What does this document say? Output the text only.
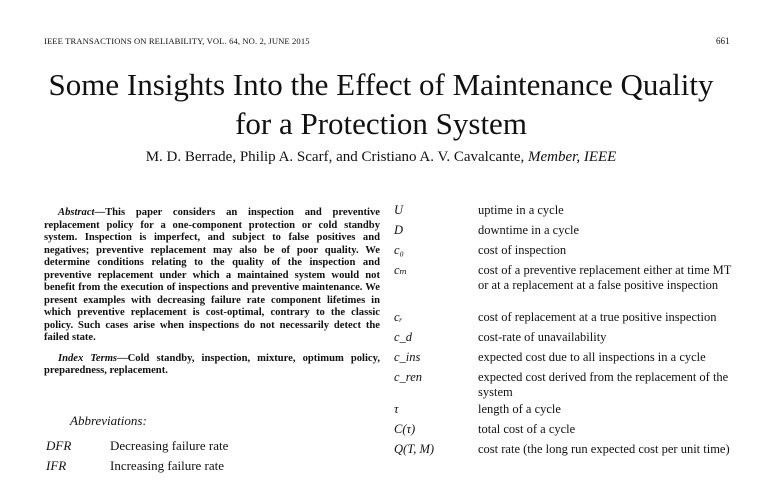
IEEE TRANSACTIONS ON RELIABILITY, VOL. 64, NO. 2, JUNE 2015	661
Some Insights Into the Effect of Maintenance Quality
for a Protection System
M. D. Berrade, Philip A. Scarf, and Cristiano A. V. Cavalcante, Member, IEEE

Abstract—This paper considers an inspection and preventive replacement policy for a one-component protection or cold standby system. Inspection is imperfect, and subject to false positives and negatives; preventive replacement may also be of poor quality. We determine conditions relating to the quality of the inspection and preventive replacement under which a maintained system would not benefit from the execution of inspections and preventive maintenance. We present examples with decreasing failure rate component lifetimes in which preventive replacement is cost-optimal, contrary to the classic policy. Such cases arise when inspections do not necessarily detect the failed state.

Index Terms—Cold standby, inspection, mixture, optimum policy, preparedness, replacement.

Abbreviations:
DFR	Decreasing failure rate
IFR	Increasing failure rate
U	uptime in a cycle
D	downtime in a cycle
c₀	cost of inspection
cₘ	cost of a preventive replacement either at time MT or at a replacement at a false positive inspection
cᵣ	cost of replacement at a true positive inspection
c_d	cost-rate of unavailability
c_ins	expected cost due to all inspections in a cycle
c_ren	expected cost derived from the replacement of the system
τ	length of a cycle
C(τ)	total cost of a cycle
Q(T, M)	cost rate (the long run expected cost per unit time)
